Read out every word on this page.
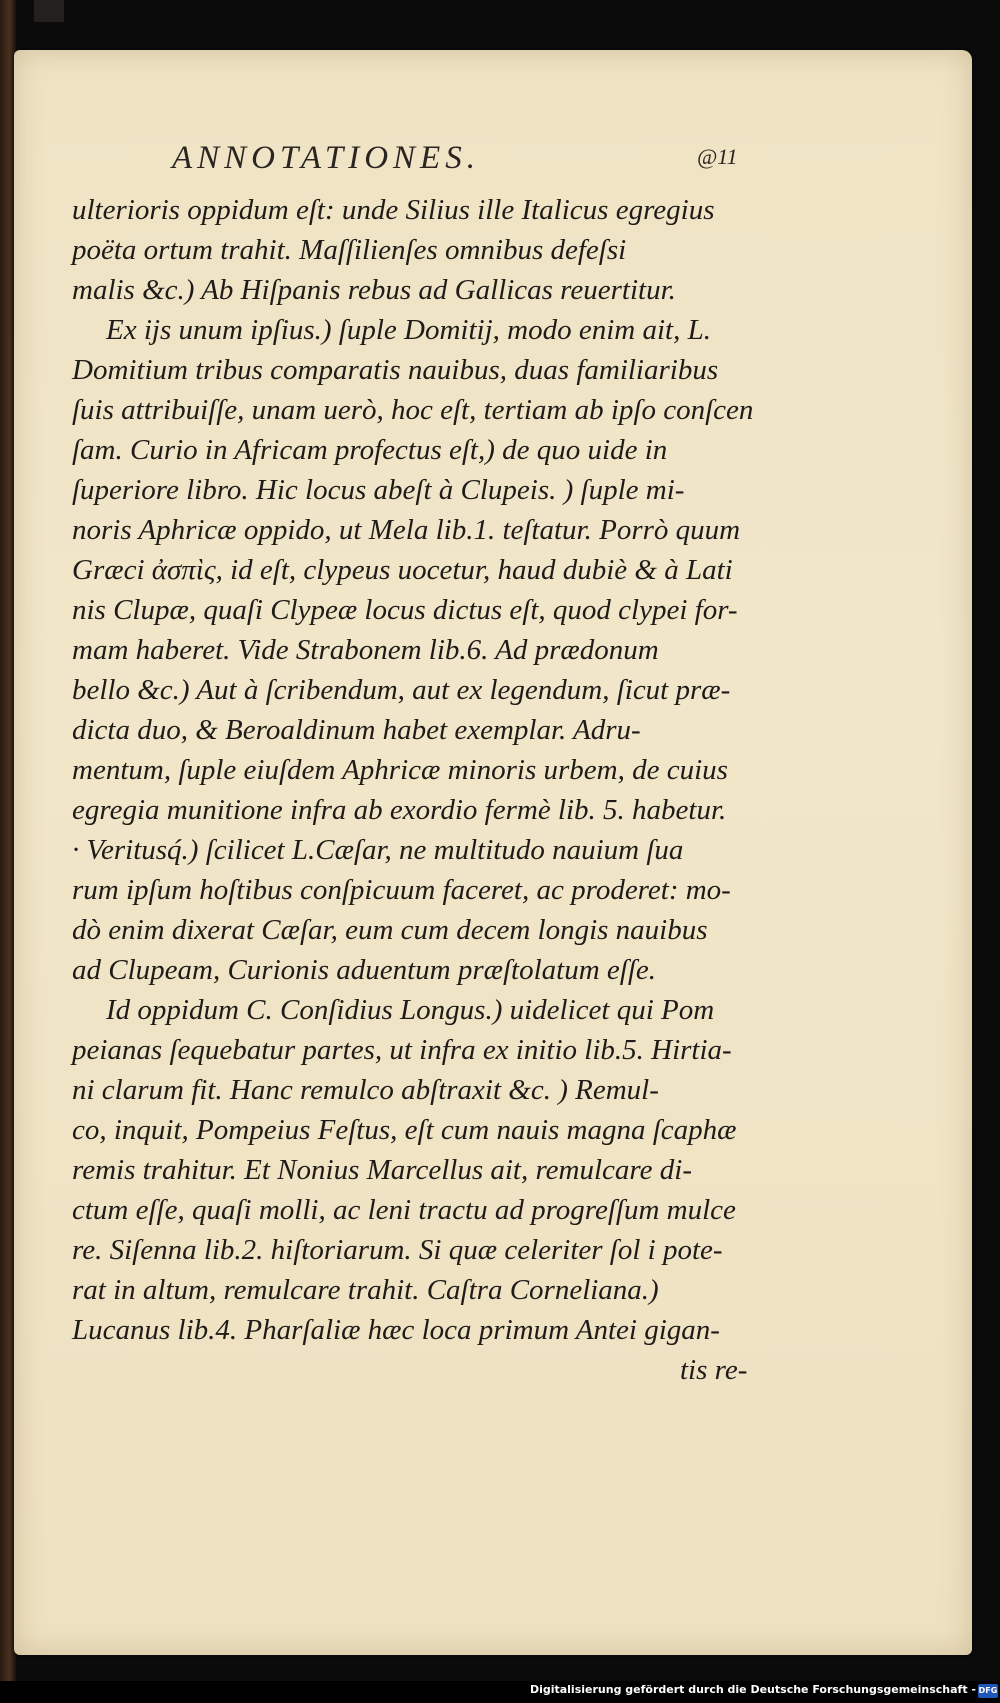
ANNOTATIONES.	@11
ulterioris oppidum eſt: unde Silius ille Italicus egregius
poëta ortum trahit. Maſſilienſes omnibus defeſsi
malis &c.) Ab Hiſpanis rebus ad Gallicas reuertitur.
Ex ijs unum ipſius.) ſuple Domitij, modo enim ait, L.
Domitium tribus comparatis nauibus, duas familiaribus
ſuis attribuiſſe, unam uerò, hoc eſt, tertiam ab ipſo conſcen
ſam. Curio in Africam profectus eſt,) de quo uide in
ſuperiore libro. Hic locus abeſt à Clupeis. ) ſuple mi-
noris Aphricæ oppido, ut Mela lib.1. teſtatur. Porrò quum
Græci ἀσπὶς, id eſt, clypeus uocetur, haud dubiè & à Lati
nis Clupæ, quaſi Clypeæ locus dictus eſt, quod clypei for-
mam haberet. Vide Strabonem lib.6. Ad prædonum
bello &c.) Aut à ſcribendum, aut ex legendum, ſicut præ-
dicta duo, & Beroaldinum habet exemplar. Adru-
mentum, ſuple eiuſdem Aphricæ minoris urbem, de cuius
egregia munitione infra ab exordio fermè lib. 5. habetur.
· Veritusq́.) ſcilicet L.Cæſar, ne multitudo nauium ſua
rum ipſum hoſtibus conſpicuum faceret, ac proderet: mo-
dò enim dixerat Cæſar, eum cum decem longis nauibus
ad Clupeam, Curionis aduentum præſtolatum eſſe.
Id oppidum C. Conſidius Longus.) uidelicet qui Pom
peianas ſequebatur partes, ut infra ex initio lib.5. Hirtia-
ni clarum fit. Hanc remulco abſtraxit &c. ) Remul-
co, inquit, Pompeius Feſtus, eſt cum nauis magna ſcaphæ
remis trahitur. Et Nonius Marcellus ait, remulcare di-
ctum eſſe, quaſi molli, ac leni tractu ad progreſſum mulce
re. Siſenna lib.2. hiſtoriarum. Si quæ celeriter ſol i pote-
rat in altum, remulcare trahit. Caſtra Corneliana.)
Lucanus lib.4. Pharſaliæ hæc loca primum Antei gigan-
tis re-
Digitalisierung gefördert durch die Deutsche Forschungsgemeinschaft - DFG
